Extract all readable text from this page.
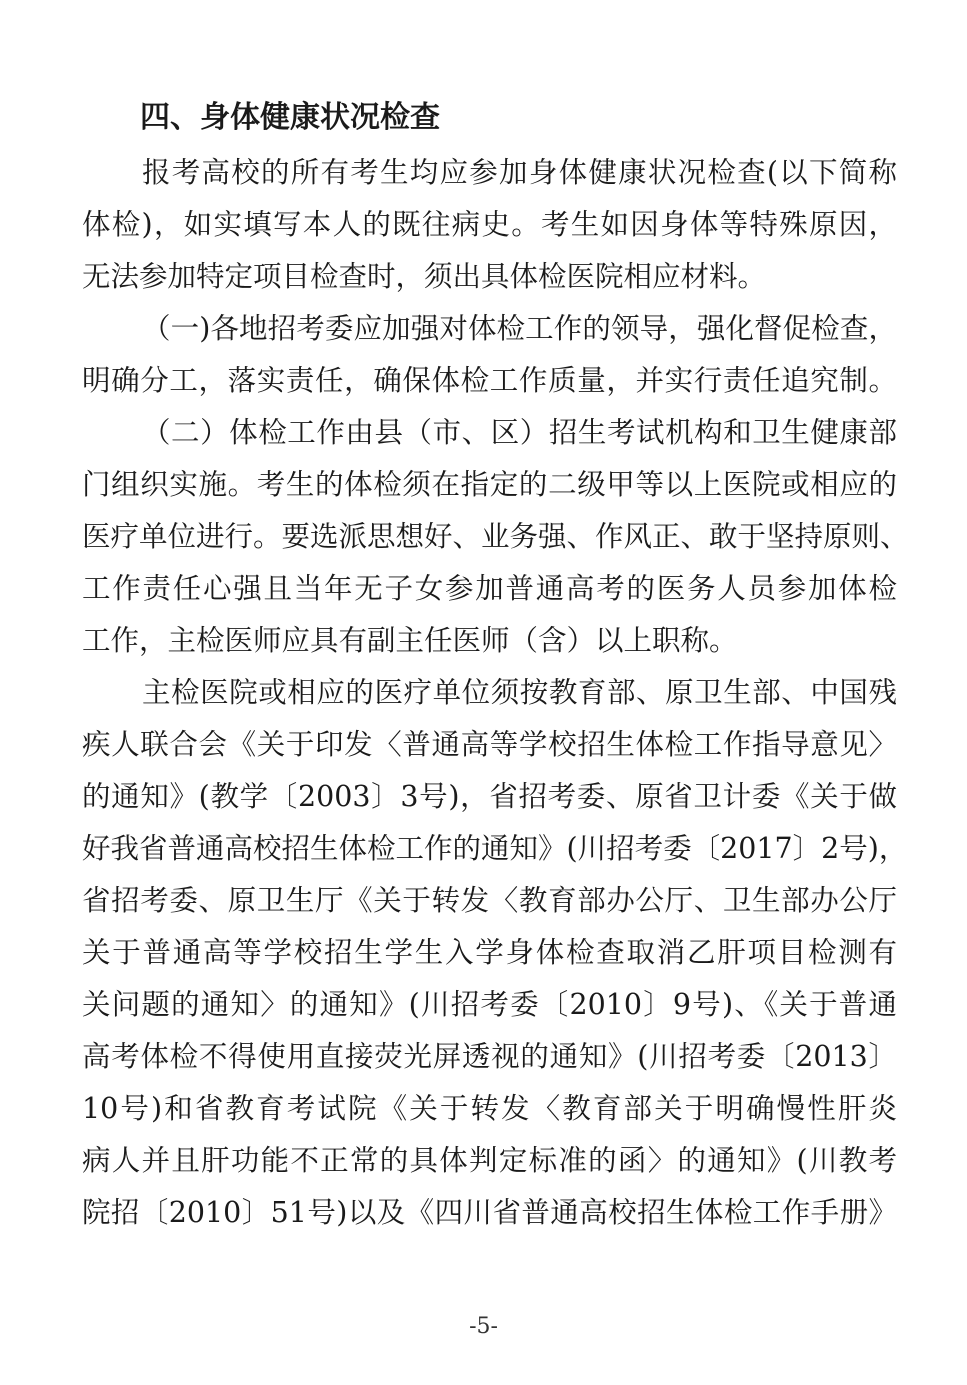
四、身体健康状况检查
报考高校的所有考生均应参加身体健康状况检查(以下简称
体检)，如实填写本人的既往病史。考生如因身体等特殊原因，
无法参加特定项目检查时，须出具体检医院相应材料。
（一)各地招考委应加强对体检工作的领导，强化督促检查，
明确分工，落实责任，确保体检工作质量，并实行责任追究制。
（二）体检工作由县（市、区）招生考试机构和卫生健康部
门组织实施。考生的体检须在指定的二级甲等以上医院或相应的
医疗单位进行。要选派思想好、业务强、作风正、敢于坚持原则、
工作责任心强且当年无子女参加普通高考的医务人员参加体检
工作，主检医师应具有副主任医师（含）以上职称。
主检医院或相应的医疗单位须按教育部、原卫生部、中国残
疾人联合会《关于印发〈普通高等学校招生体检工作指导意见〉
的通知》(教学〔2003〕3号)，省招考委、原省卫计委《关于做
好我省普通高校招生体检工作的通知》(川招考委〔2017〕2号)，
省招考委、原卫生厅《关于转发〈教育部办公厅、卫生部办公厅
关于普通高等学校招生学生入学身体检查取消乙肝项目检测有
关问题的通知〉的通知》(川招考委〔2010〕9号)、《关于普通
高考体检不得使用直接荧光屏透视的通知》(川招考委〔2013〕
10号)和省教育考试院《关于转发〈教育部关于明确慢性肝炎
病人并且肝功能不正常的具体判定标准的函〉的通知》(川教考
院招〔2010〕51号)以及《四川省普通高校招生体检工作手册》
-5-
